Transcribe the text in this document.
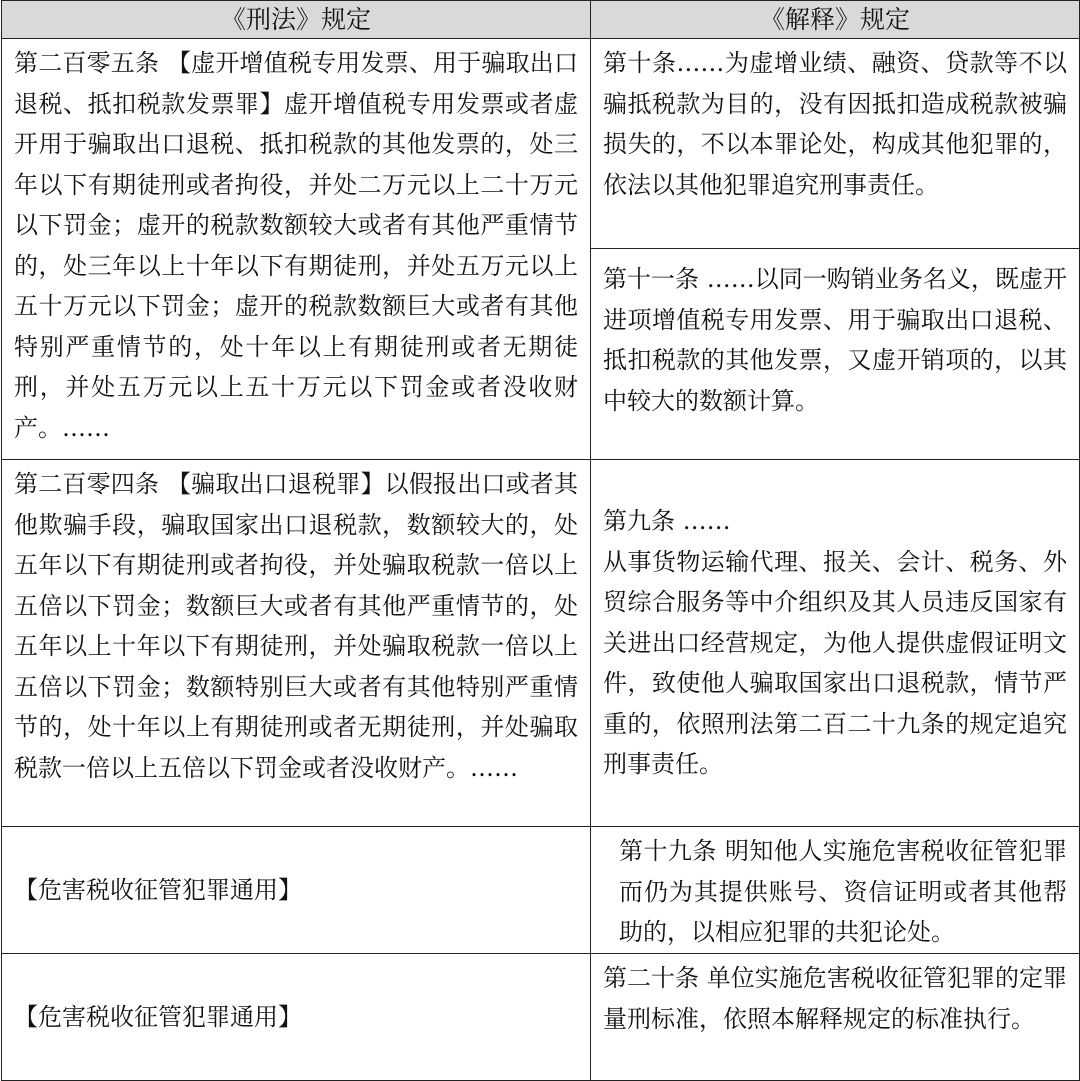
《刑法》规定	《解释》规定
第二百零五条 【虚开增值税专用发票、用于骗取出口退税、抵扣税款发票罪】虚开增值税专用发票或者虚开用于骗取出口退税、抵扣税款的其他发票的，处三年以下有期徒刑或者拘役，并处二万元以上二十万元以下罚金；虚开的税款数额较大或者有其他严重情节的，处三年以上十年以下有期徒刑，并处五万元以上五十万元以下罚金；虚开的税款数额巨大或者有其他特别严重情节的，处十年以上有期徒刑或者无期徒刑，并处五万元以上五十万元以下罚金或者没收财产。……	第十条……为虚增业绩、融资、贷款等不以骗抵税款为目的，没有因抵扣造成税款被骗损失的，不以本罪论处，构成其他犯罪的，依法以其他犯罪追究刑事责任。
	第十一条 ……以同一购销业务名义，既虚开进项增值税专用发票、用于骗取出口退税、抵扣税款的其他发票，又虚开销项的，以其中较大的数额计算。
第二百零四条 【骗取出口退税罪】以假报出口或者其他欺骗手段，骗取国家出口退税款，数额较大的，处五年以下有期徒刑或者拘役，并处骗取税款一倍以上五倍以下罚金；数额巨大或者有其他严重情节的，处五年以上十年以下有期徒刑，并处骗取税款一倍以上五倍以下罚金；数额特别巨大或者有其他特别严重情节的，处十年以上有期徒刑或者无期徒刑，并处骗取税款一倍以上五倍以下罚金或者没收财产。……	第九条 ……

从事货物运输代理、报关、会计、税务、外贸综合服务等中介组织及其人员违反国家有关进出口经营规定，为他人提供虚假证明文件，致使他人骗取国家出口退税款，情节严重的，依照刑法第二百二十九条的规定追究刑事责任。

【危害税收征管犯罪通用】	第十九条 明知他人实施危害税收征管犯罪而仍为其提供账号、资信证明或者其他帮助的，以相应犯罪的共犯论处。
【危害税收征管犯罪通用】	第二十条 单位实施危害税收征管犯罪的定罪量刑标准，依照本解释规定的标准执行。
